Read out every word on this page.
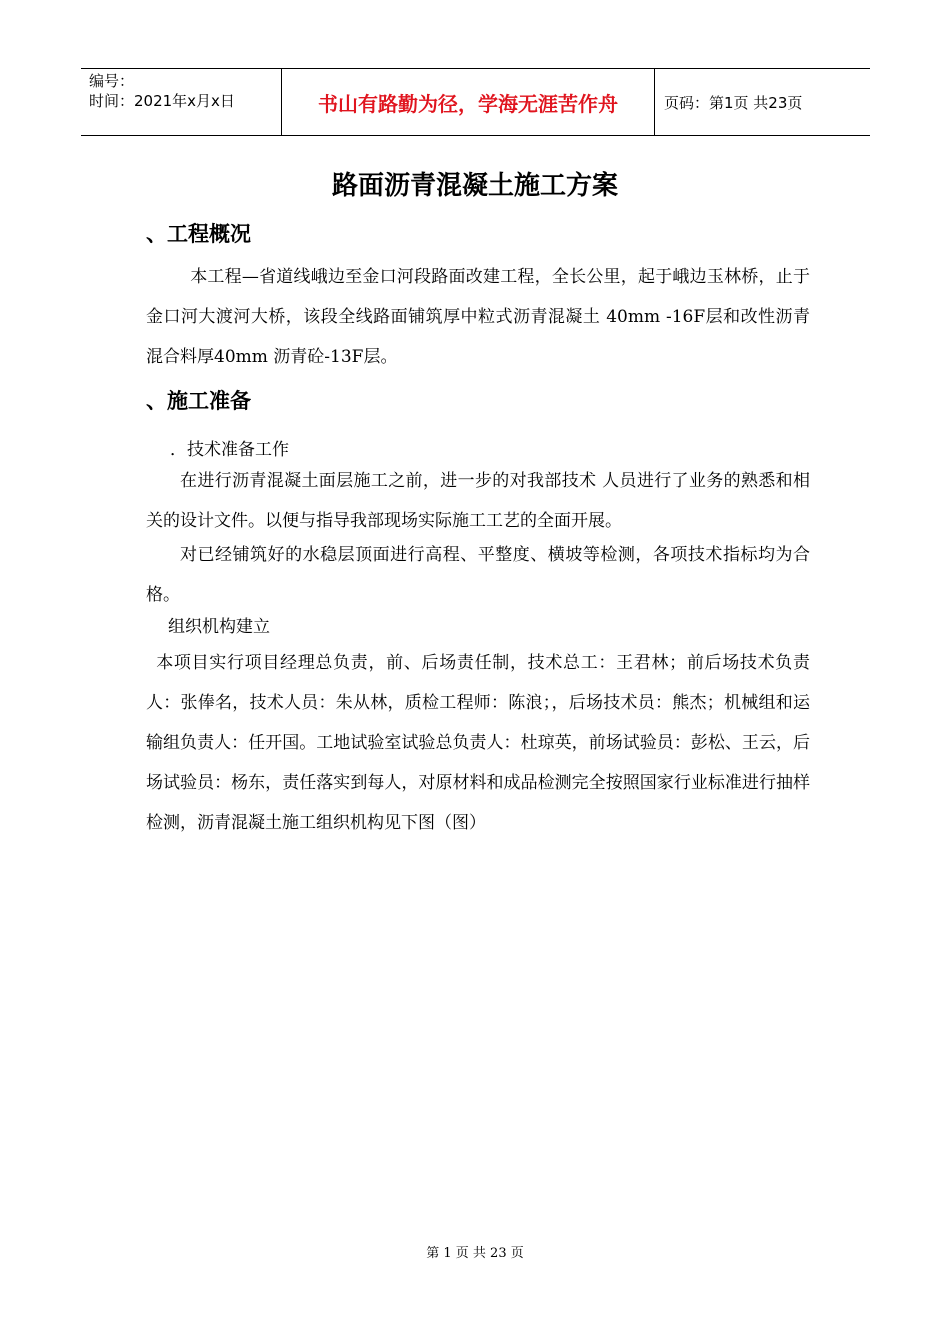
编号：
时间：2021年x月x日	书山有路勤为径，学海无涯苦作舟	页码：第1页 共23页
路面沥青混凝土施工方案
、工程概况

本工程—省道线峨边至金口河段路面改建工程，全长公里，起于峨边玉林桥，止于金口河大渡河大桥，该段全线路面铺筑厚中粒式沥青混凝土 40mm -16F层和改性沥青混合料厚40mm 沥青砼-13F层。

、施工准备

．技术准备工作

在进行沥青混凝土面层施工之前，进一步的对我部技术 人员进行了业务的熟悉和相关的设计文件。以便与指导我部现场实际施工工艺的全面开展。

对已经铺筑好的水稳层顶面进行高程、平整度、横坡等检测，各项技术指标均为合格。

组织机构建立

本项目实行项目经理总负责，前、后场责任制，技术总工：王君林；前后场技术负责人：张俸名，技术人员：朱从林，质检工程师：陈浪；，后场技术员：熊杰；机械组和运输组负责人：任开国。工地试验室试验总负责人：杜琼英，前场试验员：彭松、王云，后场试验员：杨东，责任落实到每人，对原材料和成品检测完全按照国家行业标准进行抽样检测，沥青混凝土施工组织机构见下图（图）

第 1 页 共 23 页
